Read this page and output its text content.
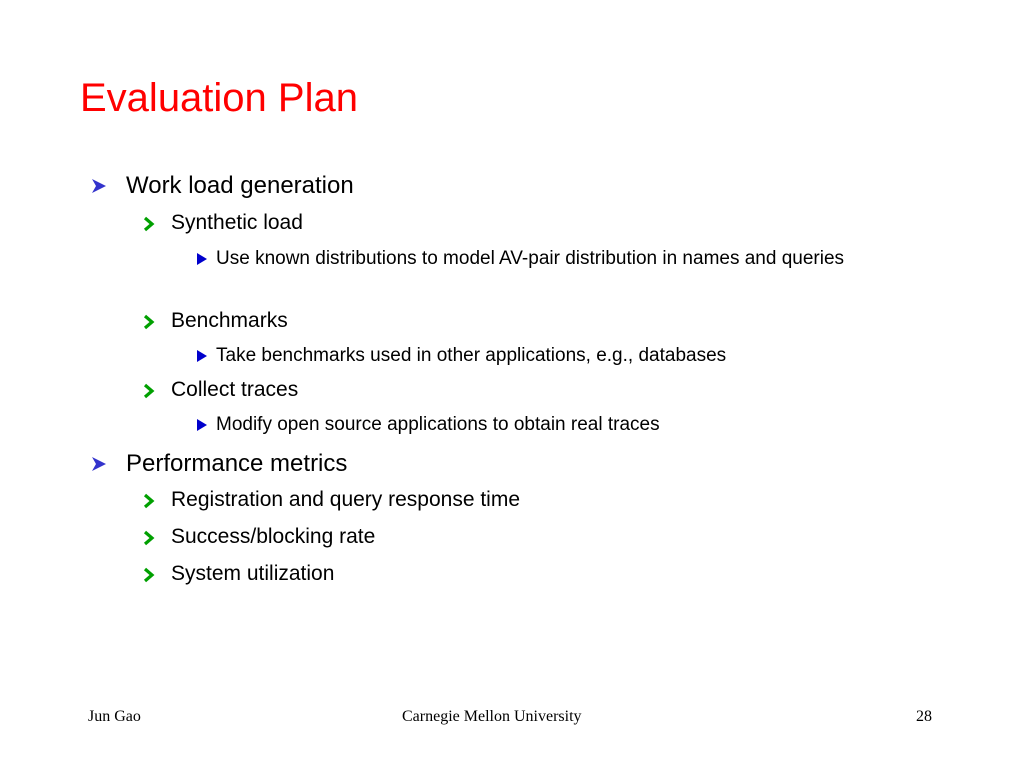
Evaluation Plan
Work load generation
Synthetic load
Use known distributions to model AV-pair distribution in names and queries
Benchmarks
Take benchmarks used in other applications, e.g., databases
Collect traces
Modify open source applications to obtain real traces
Performance metrics
Registration and query response time
Success/blocking rate
System utilization
Jun Gao	Carnegie Mellon University	28
